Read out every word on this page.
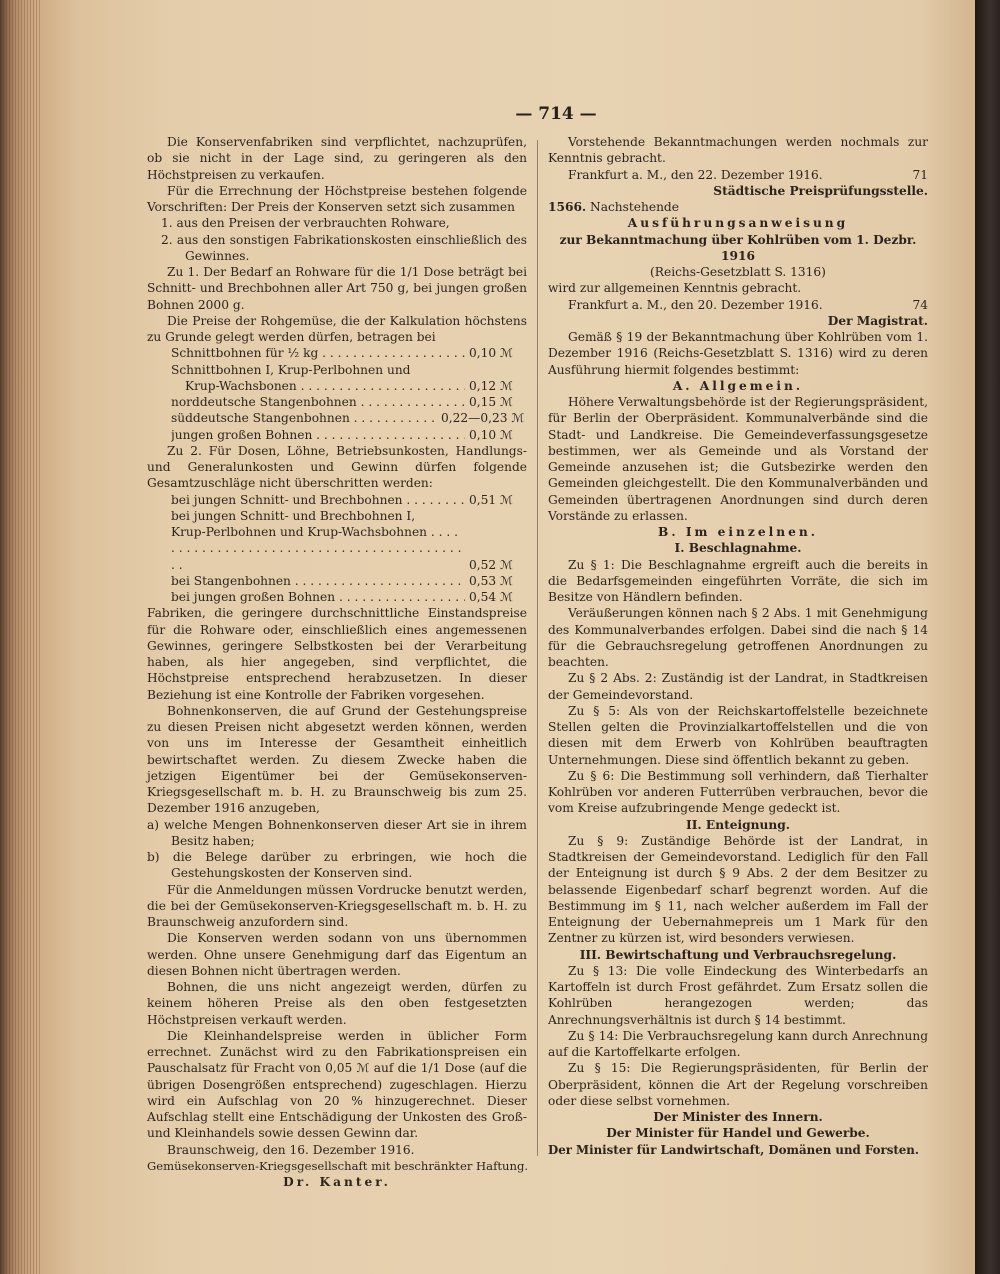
— 714 —

Die Konservenfabriken sind verpflichtet, nachzuprüfen, ob sie nicht in der Lage sind, zu geringeren als den Höchstpreisen zu verkaufen.

Für die Errechnung der Höchstpreise bestehen folgende Vorschriften: Der Preis der Konserven setzt sich zusammen

1. aus den Preisen der verbrauchten Rohware,

2. aus den sonstigen Fabrikationskosten einschließlich des Gewinnes.

Zu 1. Der Bedarf an Rohware für die 1/1 Dose beträgt bei Schnitt- und Brechbohnen aller Art 750 g, bei jungen großen Bohnen 2000 g.

Die Preise der Rohgemüse, die der Kalkulation höchstens zu Grunde gelegt werden dürfen, betragen bei

Schnittbohnen für ½ kg . . .	0,10 ℳ
Schnittbohnen I, Krup-Perlbohnen und
Krup-Wachsbonen . . .	0,12 ℳ
norddeutsche Stangenbohnen . . .	0,15 ℳ
süddeutsche Stangenbohnen . . .	0,22—0,23 ℳ
jungen großen Bohnen . . .	0,10 ℳ

Zu 2. Für Dosen, Löhne, Betriebsunkosten, Handlungs- und Generalunkosten und Gewinn dürfen folgende Gesamtzuschläge nicht überschritten werden:

bei jungen Schnitt- und Brechbohnen . . .	0,51 ℳ
bei jungen Schnitt- und Brechbohnen I,
Krup-Perlbohnen und Krup-Wachsbohnen . . .
0,52 ℳ
bei Stangenbohnen . . .	0,53 ℳ
bei jungen großen Bohnen . . .	0,54 ℳ

Fabriken, die geringere durchschnittliche Einstandspreise für die Rohware oder, einschließlich eines angemessenen Gewinnes, geringere Selbstkosten bei der Verarbeitung haben, als hier angegeben, sind verpflichtet, die Höchstpreise entsprechend herabzusetzen. In dieser Beziehung ist eine Kontrolle der Fabriken vorgesehen.

Bohnenkonserven, die auf Grund der Gestehungspreise zu diesen Preisen nicht abgesetzt werden können, werden von uns im Interesse der Gesamtheit einheitlich bewirtschaftet werden. Zu diesem Zwecke haben die jetzigen Eigentümer bei der Gemüsekonserven-Kriegsgesellschaft m. b. H. zu Braunschweig bis zum 25. Dezember 1916 anzugeben,

a) welche Mengen Bohnenkonserven dieser Art sie in ihrem Besitz haben;

b) die Belege darüber zu erbringen, wie hoch die Gestehungskosten der Konserven sind.

Für die Anmeldungen müssen Vordrucke benutzt werden, die bei der Gemüsekonserven-Kriegsgesellschaft m. b. H. zu Braunschweig anzufordern sind.

Die Konserven werden sodann von uns übernommen werden. Ohne unsere Genehmigung darf das Eigentum an diesen Bohnen nicht übertragen werden.

Bohnen, die uns nicht angezeigt werden, dürfen zu keinem höheren Preise als den oben festgesetzten Höchstpreisen verkauft werden.

Die Kleinhandelspreise werden in üblicher Form errechnet. Zunächst wird zu den Fabrikationspreisen ein Pauschalsatz für Fracht von 0,05 ℳ auf die 1/1 Dose (auf die übrigen Dosengrößen entsprechend) zugeschlagen. Hierzu wird ein Aufschlag von 20 % hinzugerechnet. Dieser Aufschlag stellt eine Entschädigung der Unkosten des Groß- und Kleinhandels sowie dessen Gewinn dar.

Braunschweig, den 16. Dezember 1916.

Gemüsekonserven-Kriegsgesellschaft mit beschränkter Haftung.

Dr. Kanter.

Vorstehende Bekanntmachungen werden nochmals zur Kenntnis gebracht.

Frankfurt a. M., den 22. Dezember 1916.	71

Städtische Preisprüfungsstelle.

1566. Nachstehende

Ausführungsanweisung

zur Bekanntmachung über Kohlrüben vom 1. Dezbr. 1916

(Reichs-Gesetzblatt S. 1316)

wird zur allgemeinen Kenntnis gebracht.

Frankfurt a. M., den 20. Dezember 1916.	74

Der Magistrat.

Gemäß § 19 der Bekanntmachung über Kohlrüben vom 1. Dezember 1916 (Reichs-Gesetzblatt S. 1316) wird zu deren Ausführung hiermit folgendes bestimmt:

A. Allgemein.

Höhere Verwaltungsbehörde ist der Regierungspräsident, für Berlin der Oberpräsident. Kommunalverbände sind die Stadt- und Landkreise. Die Gemeindeverfassungsgesetze bestimmen, wer als Gemeinde und als Vorstand der Gemeinde anzusehen ist; die Gutsbezirke werden den Gemeinden gleichgestellt. Die den Kommunalverbänden und Gemeinden übertragenen Anordnungen sind durch deren Vorstände zu erlassen.

B. Im einzelnen.

I. Beschlagnahme.

Zu § 1: Die Beschlagnahme ergreift auch die bereits in die Bedarfsgemeinden eingeführten Vorräte, die sich im Besitze von Händlern befinden.

Veräußerungen können nach § 2 Abs. 1 mit Genehmigung des Kommunalverbandes erfolgen. Dabei sind die nach § 14 für die Gebrauchsregelung getroffenen Anordnungen zu beachten.

Zu § 2 Abs. 2: Zuständig ist der Landrat, in Stadtkreisen der Gemeindevorstand.

Zu § 5: Als von der Reichskartoffelstelle bezeichnete Stellen gelten die Provinzialkartoffelstellen und die von diesen mit dem Erwerb von Kohlrüben beauftragten Unternehmungen. Diese sind öffentlich bekannt zu geben.

Zu § 6: Die Bestimmung soll verhindern, daß Tierhalter Kohlrüben vor anderen Futterrüben verbrauchen, bevor die vom Kreise aufzubringende Menge gedeckt ist.

II. Enteignung.

Zu § 9: Zuständige Behörde ist der Landrat, in Stadtkreisen der Gemeindevorstand. Lediglich für den Fall der Enteignung ist durch § 9 Abs. 2 der dem Besitzer zu belassende Eigenbedarf scharf begrenzt worden. Auf die Bestimmung im § 11, nach welcher außerdem im Fall der Enteignung der Uebernahmepreis um 1 Mark für den Zentner zu kürzen ist, wird besonders verwiesen.

III. Bewirtschaftung und Verbrauchsregelung.

Zu § 13: Die volle Eindeckung des Winterbedarfs an Kartoffeln ist durch Frost gefährdet. Zum Ersatz sollen die Kohlrüben herangezogen werden; das Anrechnungsverhältnis ist durch § 14 bestimmt.

Zu § 14: Die Verbrauchsregelung kann durch Anrechnung auf die Kartoffelkarte erfolgen.

Zu § 15: Die Regierungspräsidenten, für Berlin der Oberpräsident, können die Art der Regelung vorschreiben oder diese selbst vornehmen.

Der Minister des Innern.

Der Minister für Handel und Gewerbe.

Der Minister für Landwirtschaft, Domänen und Forsten.
